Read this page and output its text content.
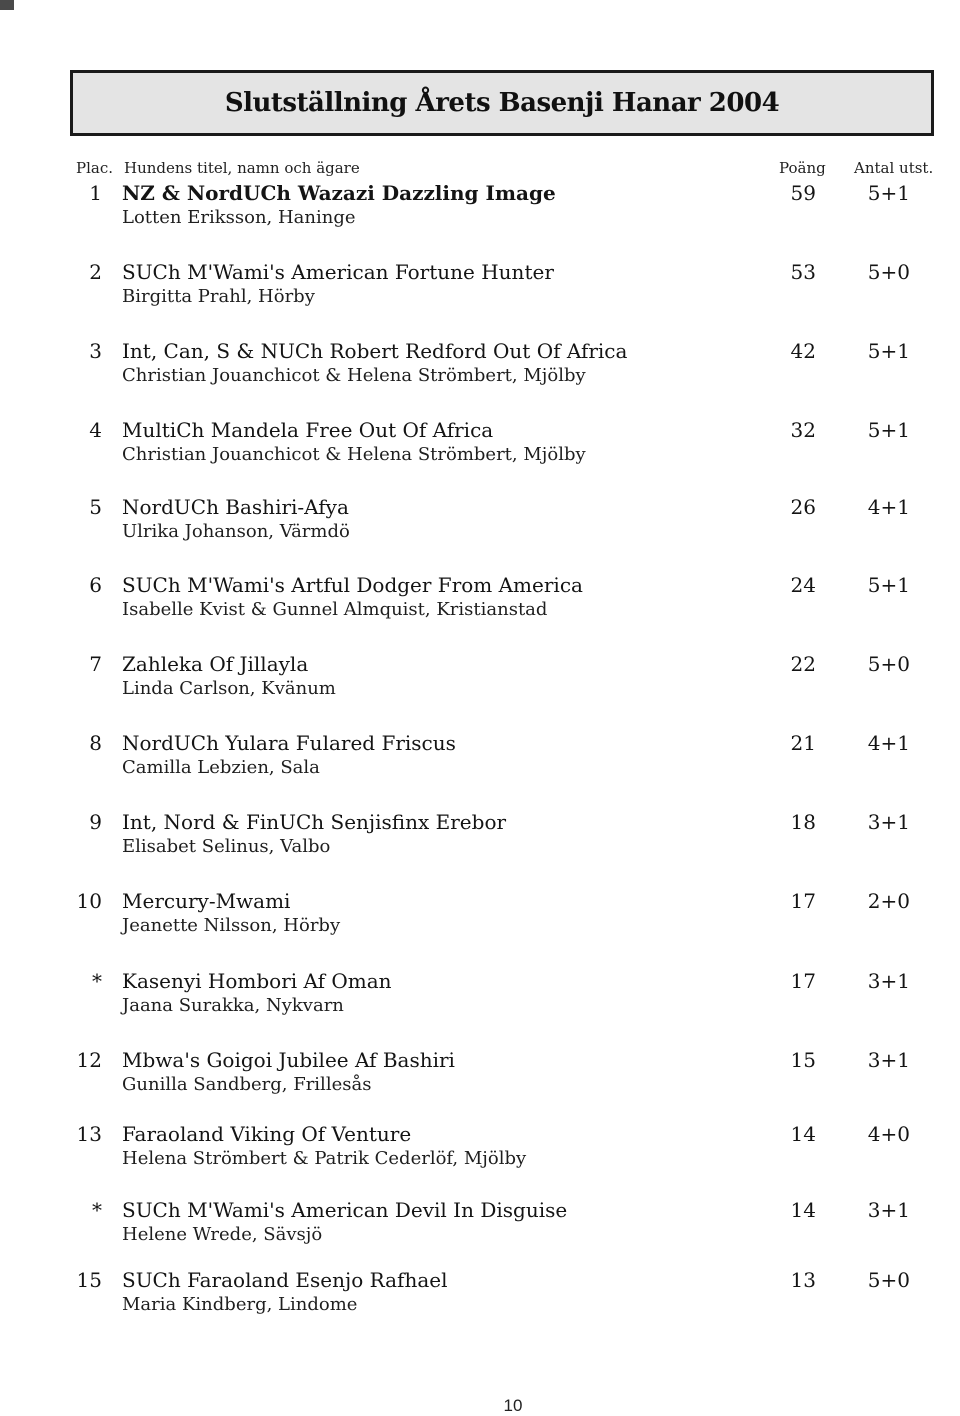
Slutställning Årets Basenji Hanar 2004
Plac. Hundens titel, namn och ägare	Poäng Antal utst.
1 NZ & NordUCh Wazazi Dazzling Image
Lotten Eriksson, Haninge
59	5+1
2 SUCh M'Wami's American Fortune Hunter
Birgitta Prahl, Hörby
53	5+0
3 Int, Can, S & NUCh Robert Redford Out Of Africa
Christian Jouanchicot & Helena Strömbert, Mjölby
42	5+1
4 MultiCh Mandela Free Out Of Africa
Christian Jouanchicot & Helena Strömbert, Mjölby
32	5+1
5 NordUCh Bashiri-Afya
Ulrika Johanson, Värmdö
26	4+1
6 SUCh M'Wami's Artful Dodger From America
Isabelle Kvist & Gunnel Almquist, Kristianstad
24	5+1
7 Zahleka Of Jillayla
Linda Carlson, Kvänum
22	5+0
8 NordUCh Yulara Fulared Friscus
Camilla Lebzien, Sala
21	4+1
9 Int, Nord & FinUCh Senjisfinx Erebor
Elisabet Selinus, Valbo
18	3+1
10 Mercury-Mwami
Jeanette Nilsson, Hörby
17	2+0
* Kasenyi Hombori Af Oman
Jaana Surakka, Nykvarn
17	3+1
12 Mbwa's Goigoi Jubilee Af Bashiri
Gunilla Sandberg, Frillesås
15	3+1
13 Faraoland Viking Of Venture
Helena Strömbert & Patrik Cederlöf, Mjölby
14	4+0
* SUCh M'Wami's American Devil In Disguise
Helene Wrede, Sävsjö
14	3+1
15 SUCh Faraoland Esenjo Rafhael
Maria Kindberg, Lindome
13	5+0
10
